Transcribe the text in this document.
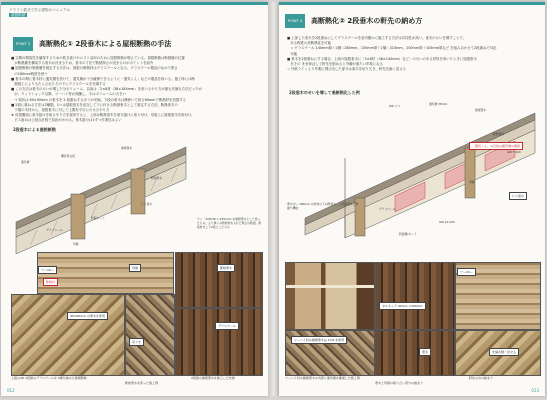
グラフと数式で学ぶ建物のマニュアル
屋根断熱
POINT 3	高断熱化① 2段垂木による屋根断熱の手法
■ 空間の開放性を確保するための吹き抜けやロフト活用のために屋根断熱が増えている。屋根断熱は断熱層の位置
　が断熱層を構成する垂木が決まるため、垂木の寸法で断熱厚さが決まるのがポイントを紹介
■ 屋根断熱の断熱層を規定する方法は、屋根の断熱材はグラスウールとなる。グラスウール製品のなかで厚さ
　の180mm程度を使う
■ 垂木の間に垂木材に通気層を設けて、通気層が十分確保できるように「通気くん」などの製品を用いる。施工時には断
　熱施工によりもたらされたその下にグラスウールを充填する
■ この方法は垂木のせいが増した分ボリューム、以前は「2×8材（38×184mm）を用いるやり方が最も安価な方法だったが
　が、ウッドショック以降、ツーバイ材が高騰し、今はボリュームの大きい
　→ 現状は 60×90mm の垂木を 2 段重ねするほうが安価。下段の垂木は横使いで高さ60mmで断熱材を設置する
■ 2段に重ねる方法は2種類。1つは屋根垂木を直交して下に付ける断熱垂木として固定する方法。断熱垂木の
　下端の木材から、屋根垂木に対して上側を平行にのせるやり方
★ 母屋側面に垂木掛けを取るやり方を採用すると、上部は断熱垂木を垂木掛けに取り付け、母屋上に屋根垂木を取付け、
　ビス留めは上段合計数で負担がかかる。垂木掛けは1ずつ作業性はよい
2段垂木による屋根断熱
通気層
構造用合板
屋根垂木
断熱垂木
グラスウール
防湿シート
ビス留め
母屋
ワン・3X8(38 × 235mm) を屋根垂木として使ったもの。より厚いの断熱材を入れた場合の断面。断熱材を上下2段にしたもの
ワー10ー
断熱材
母屋	断熱垂木
45×60mm の垂木を使用
吊り木
グラスウール
上図の3D 2段組のグラスウールを 2層分納めた屋根断熱
断熱垂木を使った施工例
2段組の屋根垂木を施工した状態
012
POINT 4	高断熱化② 2段垂木の軒先の納め方
■ 上部した垂木を2段重ねにしてグラスウールを室内側から施工する方法は共同性が高い。垂木のせいを増すことで、
　ある程度の高断熱化を可能
　⇒ グラスウール 140mm厚＋2層＝280mm、155mm厚＋2層＝310mm、200mm厚＋105mm厚など を組み合わせて2段重ねで対応
　可能
■ 垂木を2段重ねにする場合、上段の屋根垂木に「2×8材（38×140mm）など」のせいのある材料を用いたときに屋根垂木
　をその まま伸ばして軒先を納めると外観が重たい印象になる
⇒ 外壁ラインより外側に飛び出した部分は垂木を切り欠き、軒先を細く見せる
2段垂木のせいを増して高断熱化した例
GW ビス	通気層 38mm
屋根垂木
断熱垂木
GW T-100
グラスウール
GW 10-105
防湿層/ボード
母屋
垂木せい 180mm の材料の下の断熱と、上段を垂木と母屋で構成
「通気くん」の目的は通気層の確保
ビス留め
ワー10ー
タルキック 40mm ×300mm
垂木
ツーバイ材の屋根垂木は 2×8 を使用
先端を細く見せる
ツーバイ材の屋根垂木の内部に通気層を確保した施工例
垂木と母屋の取り合い部分の納まり
軒先の出の納まり
013
